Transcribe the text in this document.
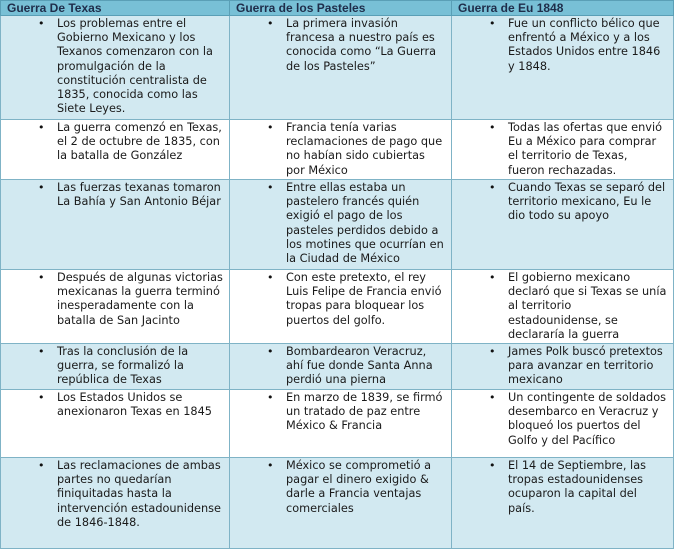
Guerra De Texas	Guerra de los Pasteles	Guerra de Eu 1848

• Los problemas entre el Gobierno Mexicano y los Texanos comenzaron con la promulgación de la constitución centralista de 1835, conocida como las Siete Leyes.	• La primera invasión francesa a nuestro país es conocida como “La Guerra de los Pasteles”	• Fue un conflicto bélico que enfrentó a México y a los Estados Unidos entre 1846 y 1848.

• La guerra comenzó en Texas, el 2 de octubre de 1835, con la batalla de González	• Francia tenía varias reclamaciones de pago que no habían sido cubiertas por México	• Todas las ofertas que envió Eu a México para comprar el territorio de Texas, fueron rechazadas.

• Las fuerzas texanas tomaron La Bahía y San Antonio Béjar	• Entre ellas estaba un pastelero francés quién exigió el pago de los pasteles perdidos debido a los motines que ocurrían en la Ciudad de México	• Cuando Texas se separó del territorio mexicano, Eu le dio todo su apoyo

• Después de algunas victorias mexicanas la guerra terminó inesperadamente con la batalla de San Jacinto	• Con este pretexto, el rey Luis Felipe de Francia envió tropas para bloquear los puertos del golfo.	• El gobierno mexicano declaró que si Texas se unía al territorio estadounidense, se declararía la guerra

• Tras la conclusión de la guerra, se formalizó la república de Texas	• Bombardearon Veracruz, ahí fue donde Santa Anna perdió una pierna	• James Polk buscó pretextos para avanzar en territorio mexicano

• Los Estados Unidos se anexionaron Texas en 1845	• En marzo de 1839, se firmó un tratado de paz entre México & Francia	• Un contingente de soldados desembarco en Veracruz y bloqueó los puertos del Golfo y del Pacífico

• Las reclamaciones de ambas partes no quedarían finiquitadas hasta la intervención estadounidense de 1846-1848.	• México se comprometió a pagar el dinero exigido & darle a Francia ventajas comerciales	• El 14 de Septiembre, las tropas estadounidenses ocuparon la capital del país.
